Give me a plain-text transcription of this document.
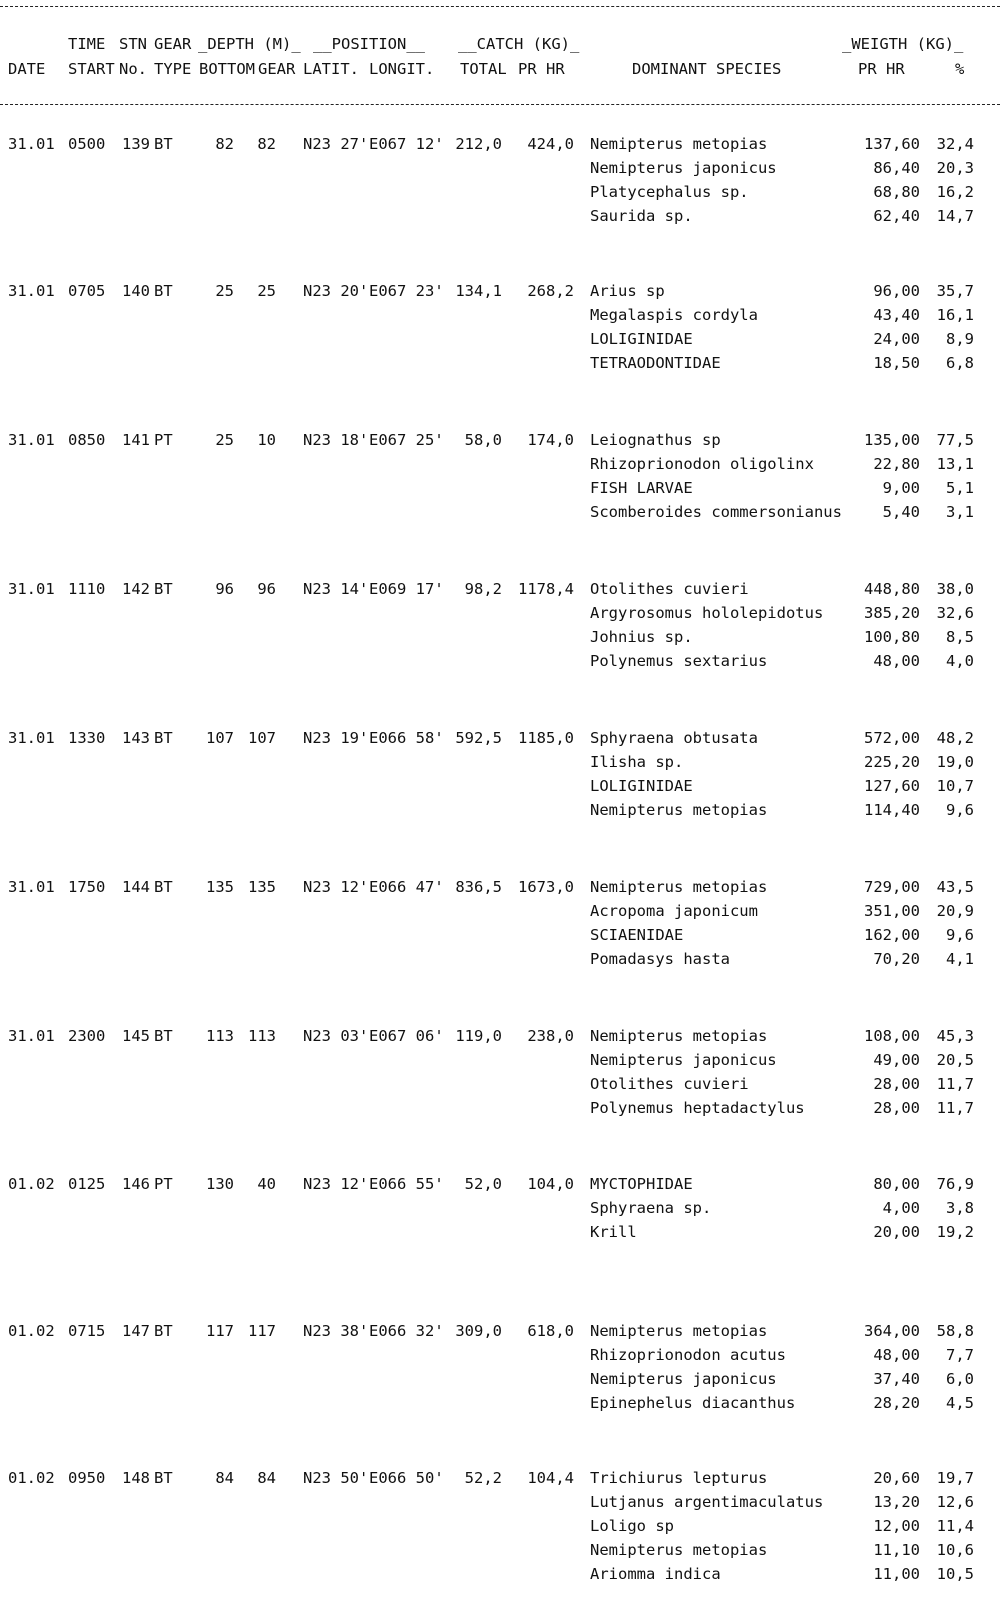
TIME STN GEAR _DEPTH (M)_ __POSITION__ __CATCH (KG)_	_WEIGTH (KG)_
DATE START No. TYPE BOTTOM GEAR LATIT. LONGIT. TOTAL PR HR	DOMINANT SPECIES	PR HR	%
31.01 0500 139 BT	82 82 N23 27' E067 12' 212,0 424,0 Nemipterus metopias	137,60 32,4
Nemipterus japonicus	86,40 20,3
Platycephalus sp.	68,80 16,2
Saurida sp.	62,40 14,7
31.01 0705 140 BT	25 25 N23 20' E067 23' 134,1 268,2 Arius sp	96,00 35,7
Megalaspis cordyla	43,40 16,1
LOLIGINIDAE	24,00 8,9
TETRAODONTIDAE	18,50 6,8
31.01 0850 141 PT	25 10 N23 18' E067 25' 58,0 174,0 Leiognathus sp	135,00 77,5
Rhizoprionodon oligolinx	22,80 13,1
FISH LARVAE	9,00 5,1
Scomberoides commersonianus	5,40 3,1
31.01 1110 142 BT	96 96 N23 14' E069 17' 98,2 1178,4 Otolithes cuvieri	448,80 38,0
Argyrosomus hololepidotus	385,20 32,6
Johnius sp.	100,80 8,5
Polynemus sextarius	48,00 4,0
31.01 1330 143 BT 107 107 N23 19' E066 58' 592,5 1185,0 Sphyraena obtusata	572,00 48,2
Ilisha sp.	225,20 19,0
LOLIGINIDAE	127,60 10,7
Nemipterus metopias	114,40 9,6
31.01 1750 144 BT 135 135 N23 12' E066 47' 836,5 1673,0 Nemipterus metopias	729,00 43,5
Acropoma japonicum	351,00 20,9
SCIAENIDAE	162,00 9,6
Pomadasys hasta	70,20 4,1
31.01 2300 145 BT 113 113 N23 03' E067 06' 119,0 238,0 Nemipterus metopias	108,00 45,3
Nemipterus japonicus	49,00 20,5
Otolithes cuvieri	28,00 11,7
Polynemus heptadactylus	28,00 11,7
01.02 0125 146 PT 130 40 N23 12' E066 55' 52,0 104,0 MYCTOPHIDAE	80,00 76,9
Sphyraena sp.	4,00 3,8
Krill	20,00 19,2
01.02 0715 147 BT 117 117 N23 38' E066 32' 309,0 618,0 Nemipterus metopias	364,00 58,8
Rhizoprionodon acutus	48,00 7,7
Nemipterus japonicus	37,40 6,0
Epinephelus diacanthus	28,20 4,5
01.02 0950 148 BT	84 84 N23 50' E066 50' 52,2 104,4 Trichiurus lepturus	20,60 19,7
Lutjanus argentimaculatus	13,20 12,6
Loligo sp	12,00 11,4
Nemipterus metopias	11,10 10,6
Ariomma indica	11,00 10,5
